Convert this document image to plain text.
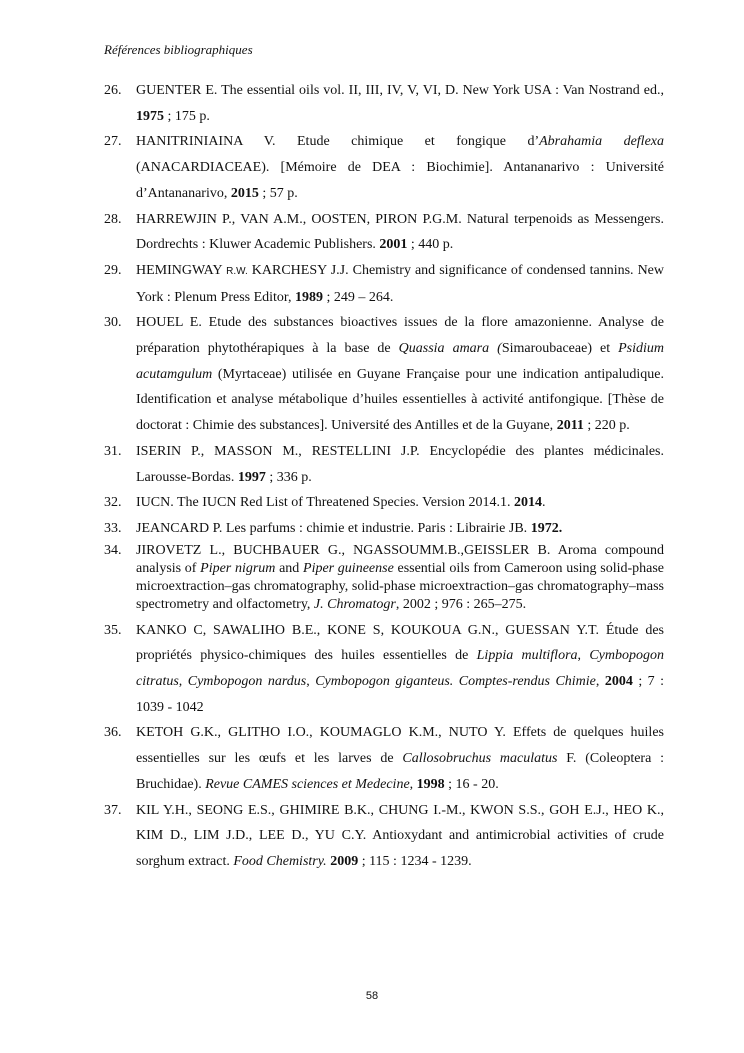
Références bibliographiques
26.	GUENTER E. The essential oils vol. II, III, IV, V, VI, D. New York USA : Van Nostrand ed., 1975 ; 175 p.
27.	HANITRINIAINA V. Etude chimique et fongique d’Abrahamia deflexa (ANACARDIACEAE). [Mémoire de DEA : Biochimie]. Antananarivo : Université d’Antananarivo, 2015 ; 57 p.
28.	HARREWJIN P., VAN A.M., OOSTEN, PIRON P.G.M. Natural terpenoids as Messengers. Dordrechts : Kluwer Academic Publishers. 2001 ; 440 p.
29.	HEMINGWAY R.W. KARCHESY J.J. Chemistry and significance of condensed tannins. New York : Plenum Press Editor, 1989 ; 249 – 264.
30.	HOUEL E. Etude des substances bioactives issues de la flore amazonienne. Analyse de préparation phytothérapiques à la base de Quassia amara (Simaroubaceae) et Psidium acutamgulum (Myrtaceae) utilisée en Guyane Française pour une indication antipaludique. Identification et analyse métabolique d’huiles essentielles à activité antifongique. [Thèse de doctorat : Chimie des substances]. Université des Antilles et de la Guyane, 2011 ; 220 p.
31.	ISERIN P., MASSON M., RESTELLINI J.P. Encyclopédie des plantes médicinales. Larousse-Bordas. 1997 ; 336 p.
32.	IUCN. The IUCN Red List of Threatened Species. Version 2014.1. 2014.
33.	JEANCARD P. Les parfums : chimie et industrie. Paris : Librairie JB. 1972.
34.	JIROVETZ L., BUCHBAUER G., NGASSOUMM.B.,GEISSLER B. Aroma compound analysis of Piper nigrum and Piper guineense essential oils from Cameroon using solid-phase microextraction–gas chromatography, solid-phase microextraction–gas chromatography–mass spectrometry and olfactometry, J. Chromatogr, 2002 ; 976 : 265–275.
35.	KANKO C, SAWALIHO B.E., KONE S, KOUKOUA G.N., GUESSAN Y.T. Étude des propriétés physico-chimiques des huiles essentielles de Lippia multiflora, Cymbopogon citratus, Cymbopogon nardus, Cymbopogon giganteus. Comptes-rendus Chimie, 2004 ; 7 : 1039 - 1042
36.	KETOH G.K., GLITHO I.O., KOUMAGLO K.M., NUTO Y. Effets de quelques huiles essentielles sur les œufs et les larves de Callosobruchus maculatus F. (Coleoptera : Bruchidae). Revue CAMES sciences et Medecine, 1998 ; 16 - 20.
37.	KIL Y.H., SEONG E.S., GHIMIRE B.K., CHUNG I.-M., KWON S.S., GOH E.J., HEO K., KIM D., LIM J.D., LEE D., YU C.Y. Antioxydant and antimicrobial activities of crude sorghum extract. Food Chemistry. 2009 ; 115 : 1234 - 1239.
58
